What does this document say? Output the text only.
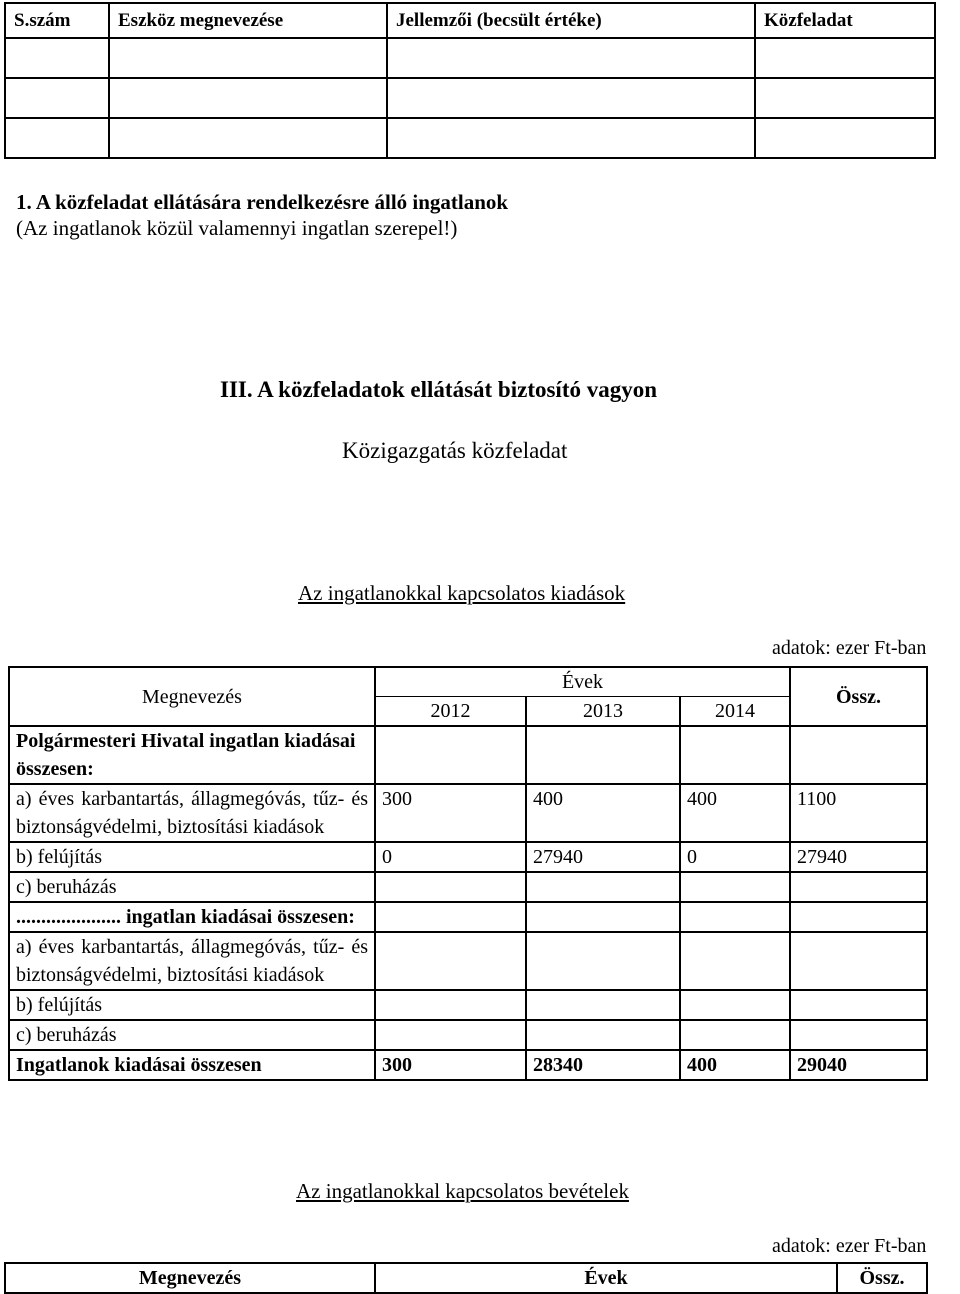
S.szám	Eszköz megnevezése	Jellemzői (becsült értéke)	Közfeladat

III. A közfeladatok ellátását biztosító vagyon
Közigazgatás közfeladat
1. A közfeladat ellátására rendelkezésre álló ingatlanok
(Az ingatlanok közül valamennyi ingatlan szerepel!)
Az ingatlanokkal kapcsolatos kiadások
adatok: ezer Ft-ban
Megnevezés	Évek			Össz.
	2012	2013	2014	
Polgármesteri Hivatal ingatlan kiadásai összesen:				
a) éves karbantartás, állagmegóvás, tűz- és biztonságvédelmi, biztosítási kiadások	300	400	400	1100
b) felújítás	0	27940	0	27940
c) beruházás				
..................... ingatlan kiadásai összesen:				
a) éves karbantartás, állagmegóvás, tűz- és biztonságvédelmi, biztosítási kiadások				
b) felújítás				
c) beruházás				
Ingatlanok kiadásai összesen	300	28340	400	29040
Az ingatlanokkal kapcsolatos bevételek
adatok: ezer Ft-ban
Megnevezés	Évek	Össz.
